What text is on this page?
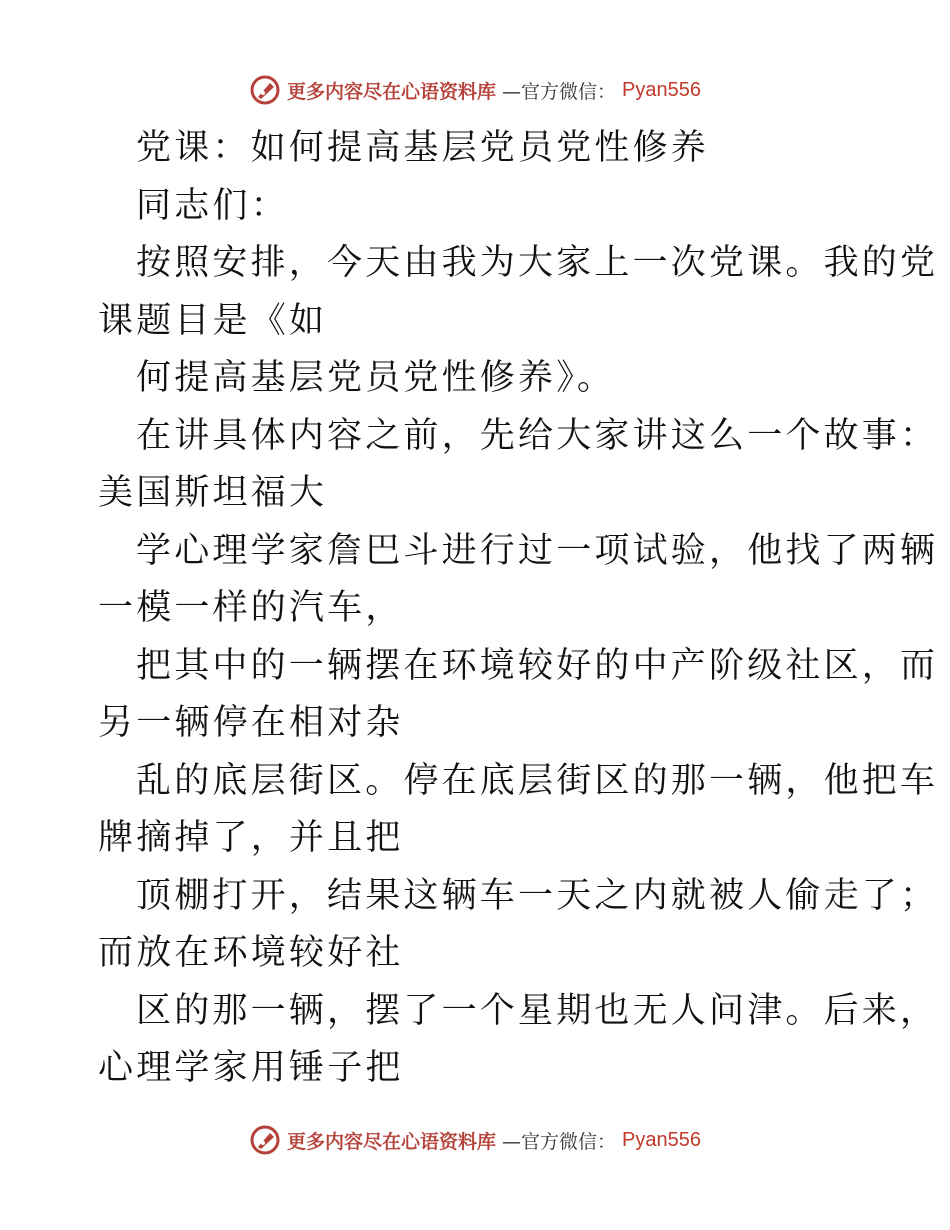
更多内容尽在心语资料库 —官方微信： Pyan556
党课：如何提高基层党员党性修养
同志们：
按照安排，今天由我为大家上一次党课。我的党
课题目是《如
何提高基层党员党性修养》。
在讲具体内容之前，先给大家讲这么一个故事：
美国斯坦福大
学心理学家詹巴斗进行过一项试验，他找了两辆
一模一样的汽车，
把其中的一辆摆在环境较好的中产阶级社区，而
另一辆停在相对杂
乱的底层街区。停在底层街区的那一辆，他把车
牌摘掉了，并且把
顶棚打开，结果这辆车一天之内就被人偷走了；
而放在环境较好社
区的那一辆，摆了一个星期也无人问津。后来，
心理学家用锤子把
更多内容尽在心语资料库 —官方微信： Pyan556
